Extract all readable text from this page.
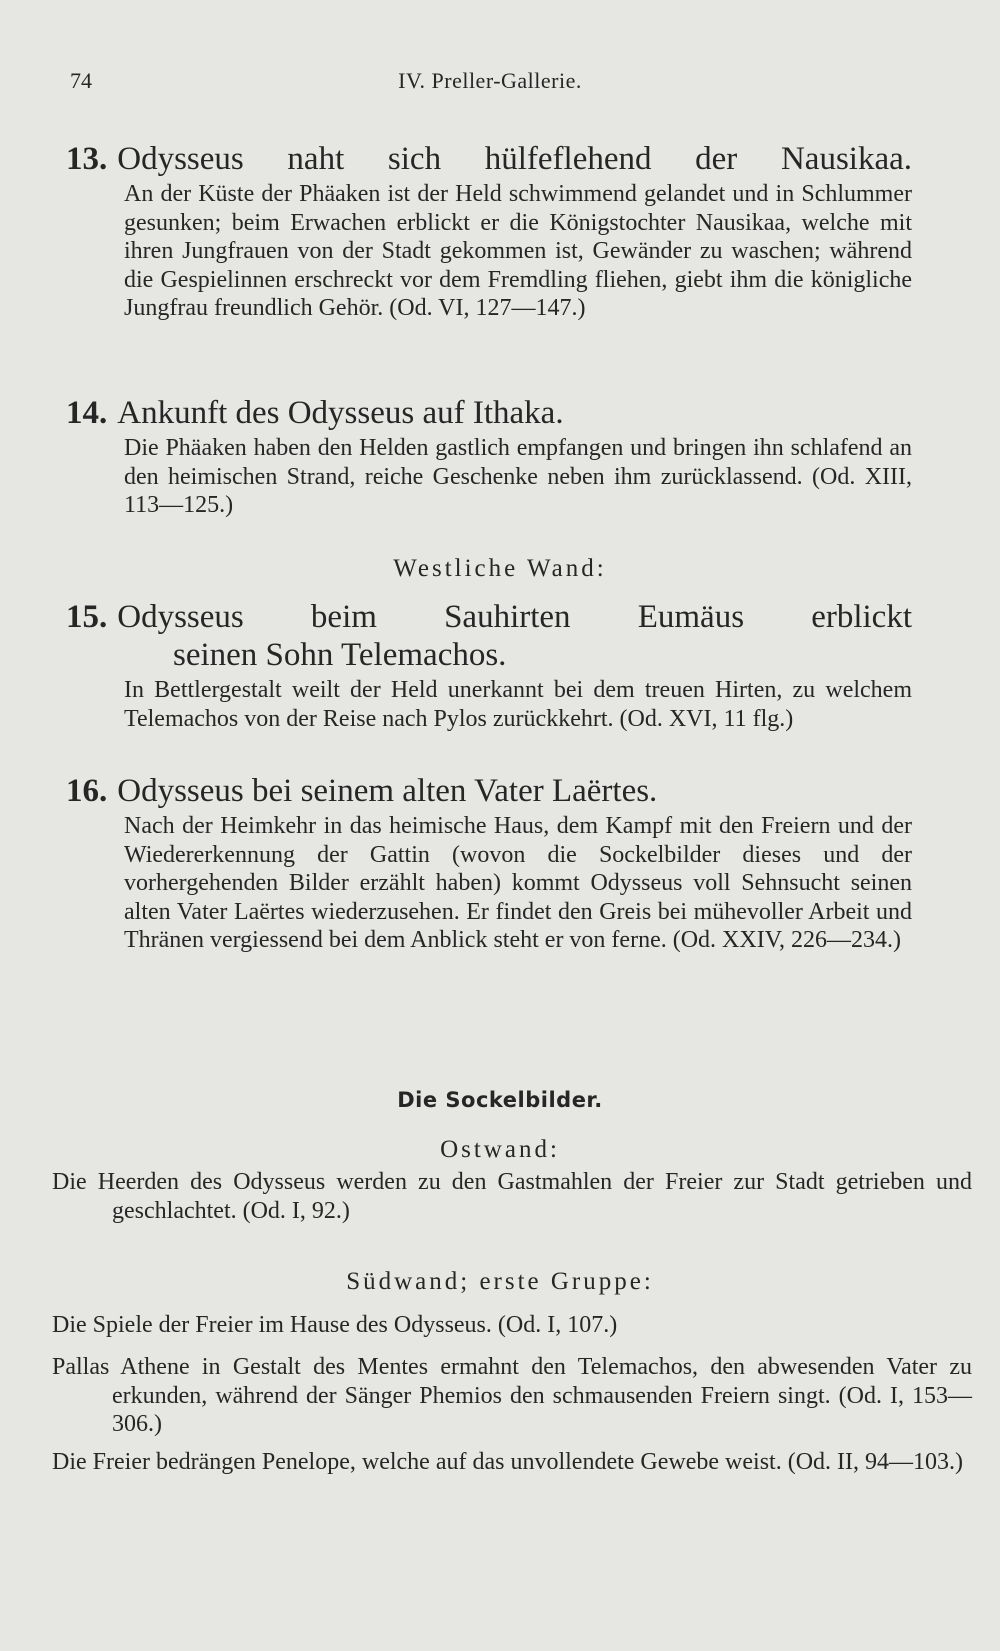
74	IV. Preller-Gallerie.
13. Odysseus naht sich hülfeflehend der Nausikaa.

An der Küste der Phäaken ist der Held schwimmend gelandet und in Schlummer gesunken; beim Erwachen erblickt er die Königstochter Nausikaa, welche mit ihren Jungfrauen von der Stadt gekommen ist, Gewänder zu waschen; während die Gespielinnen erschreckt vor dem Fremdling fliehen, giebt ihm die königliche Jungfrau freundlich Gehör. (Od. VI, 127—147.)

14. Ankunft des Odysseus auf Ithaka.

Die Phäaken haben den Helden gastlich empfangen und bringen ihn schlafend an den heimischen Strand, reiche Geschenke neben ihm zurücklassend. (Od. XIII, 113—125.)

Westliche Wand:
15. Odysseus beim Sauhirten Eumäus erblickt
seinen Sohn Telemachos.

In Bettlergestalt weilt der Held unerkannt bei dem treuen Hirten, zu welchem Telemachos von der Reise nach Pylos zurückkehrt. (Od. XVI, 11 flg.)

16. Odysseus bei seinem alten Vater Laërtes.

Nach der Heimkehr in das heimische Haus, dem Kampf mit den Freiern und der Wiedererkennung der Gattin (wovon die Sockelbilder dieses und der vorhergehenden Bilder erzählt haben) kommt Odysseus voll Sehnsucht seinen alten Vater Laërtes wiederzusehen. Er findet den Greis bei mühevoller Arbeit und Thränen vergiessend bei dem Anblick steht er von ferne. (Od. XXIV, 226—234.)

Die Sockelbilder.
Ostwand:

Die Heerden des Odysseus werden zu den Gastmahlen der Freier zur Stadt getrieben und geschlachtet. (Od. I, 92.)

Südwand; erste Gruppe:

Die Spiele der Freier im Hause des Odysseus. (Od. I, 107.)

Pallas Athene in Gestalt des Mentes ermahnt den Telemachos, den abwesenden Vater zu erkunden, während der Sänger Phemios den schmausenden Freiern singt. (Od. I, 153—306.)

Die Freier bedrängen Penelope, welche auf das unvollendete Gewebe weist. (Od. II, 94—103.)
